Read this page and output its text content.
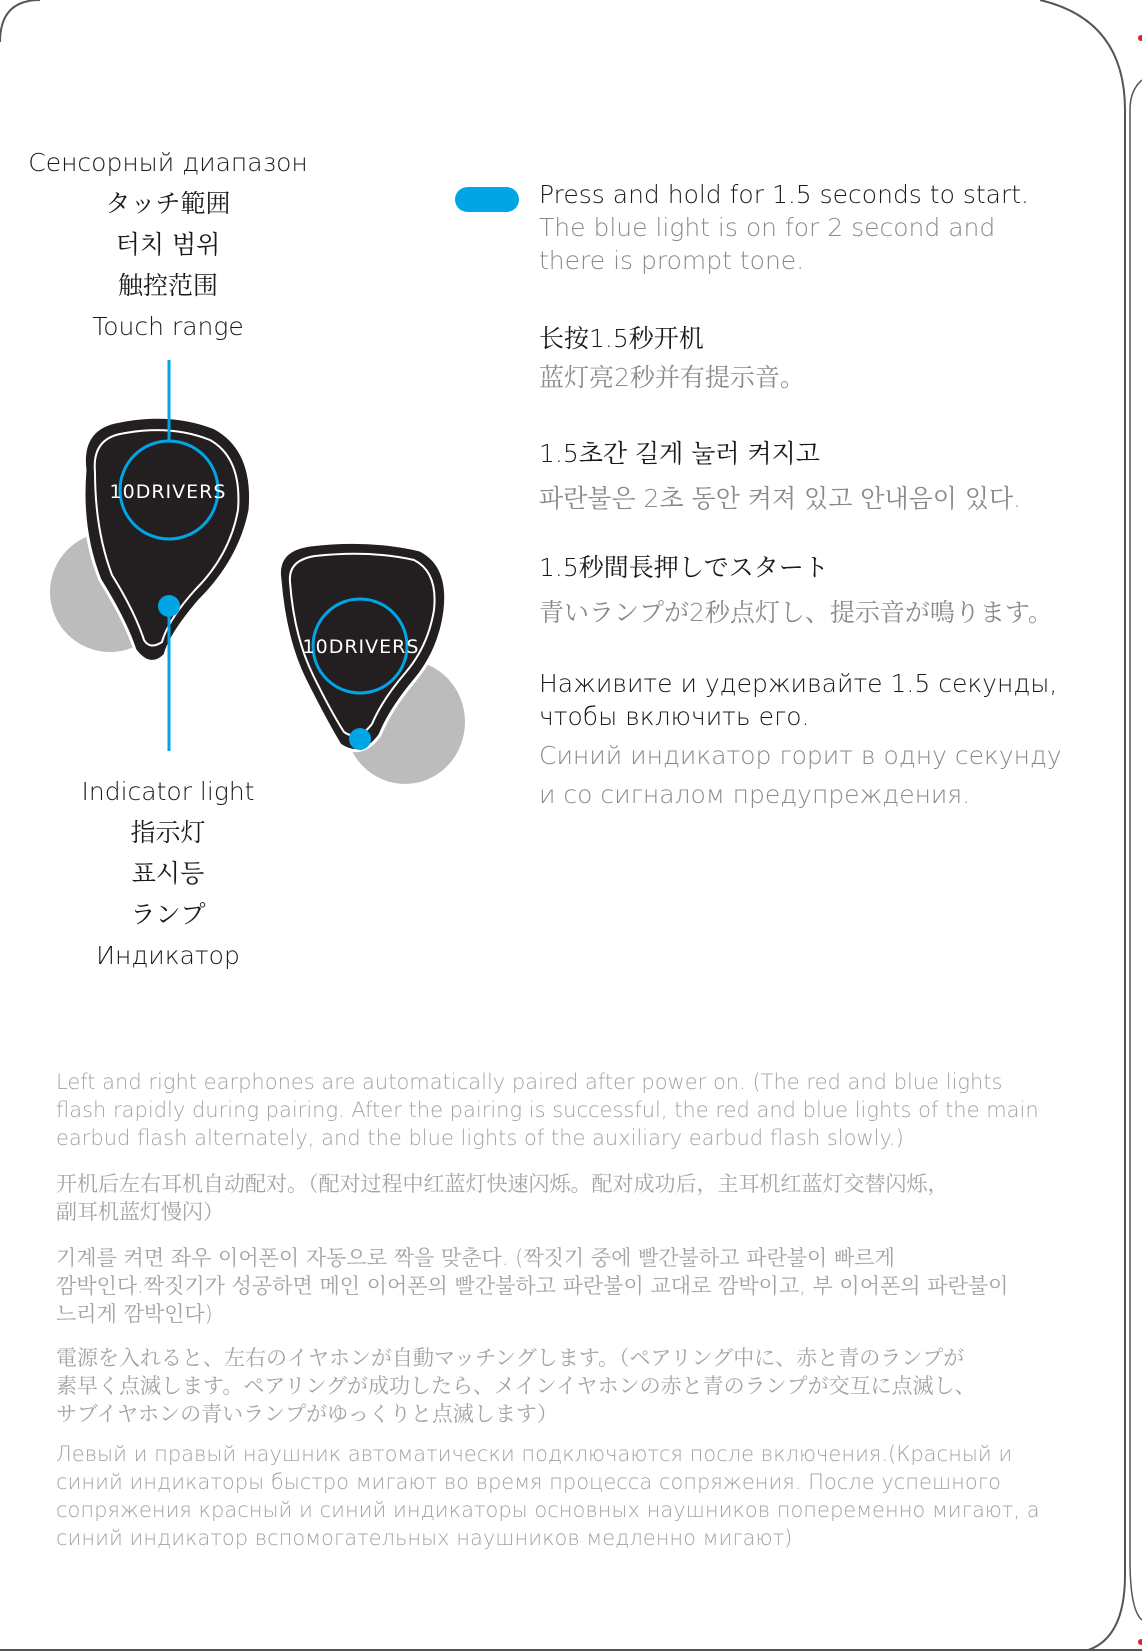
Сенсорный диапазон
タッチ範囲
터치 범위
触控范围
Touch range
10DRIVERS
10DRIVERS
Indicator light
指示灯
표시등
ランプ
Индикатор
Press and hold for 1.5 seconds to start.
The blue light is on for 2 second and
there is prompt tone.
长按1.5秒开机
蓝灯亮2秒并有提示音。
1.5초간 길게 눌러 켜지고
파란불은 2초 동안 켜져 있고 안내음이 있다.
1.5秒間長押しでスタート
青いランプが2秒点灯し、提示音が鳴ります。
Наживите и удерживайте 1.5 секунды,
чтобы включить его.
Синий индикатор горит в одну секунду
и со сигналом предупреждения.
Left and right earphones are automatically paired after power on. (The red and blue lights
flash rapidly during pairing. After the pairing is successful, the red and blue lights of the main
earbud flash alternately, and the blue lights of the auxiliary earbud flash slowly.)
开机后左右耳机自动配对。（配对过程中红蓝灯快速闪烁。配对成功后，主耳机红蓝灯交替闪烁，
副耳机蓝灯慢闪）
기계를 켜면 좌우 이어폰이 자동으로 짝을 맞춘다. (짝짓기 중에 빨간불하고 파란불이 빠르게
깜박인다.짝짓기가 성공하면 메인 이어폰의 빨간불하고 파란불이 교대로 깜박이고, 부 이어폰의 파란불이
느리게 깜박인다)
電源を入れると、左右のイヤホンが自動マッチングします。（ペアリング中に、赤と青のランプが
素早く点滅します。ペアリングが成功したら、メインイヤホンの赤と青のランプが交互に点滅し、
サブイヤホンの青いランプがゆっくりと点滅します）
Левый и правый наушник автоматически подключаются после включения.(Красный и
синий индикаторы быстро мигают во время процесса сопряжения. После успешного
сопряжения красный и синий индикаторы основных наушников попеременно мигают, а
синий индикатор вспомогательных наушников медленно мигают)
